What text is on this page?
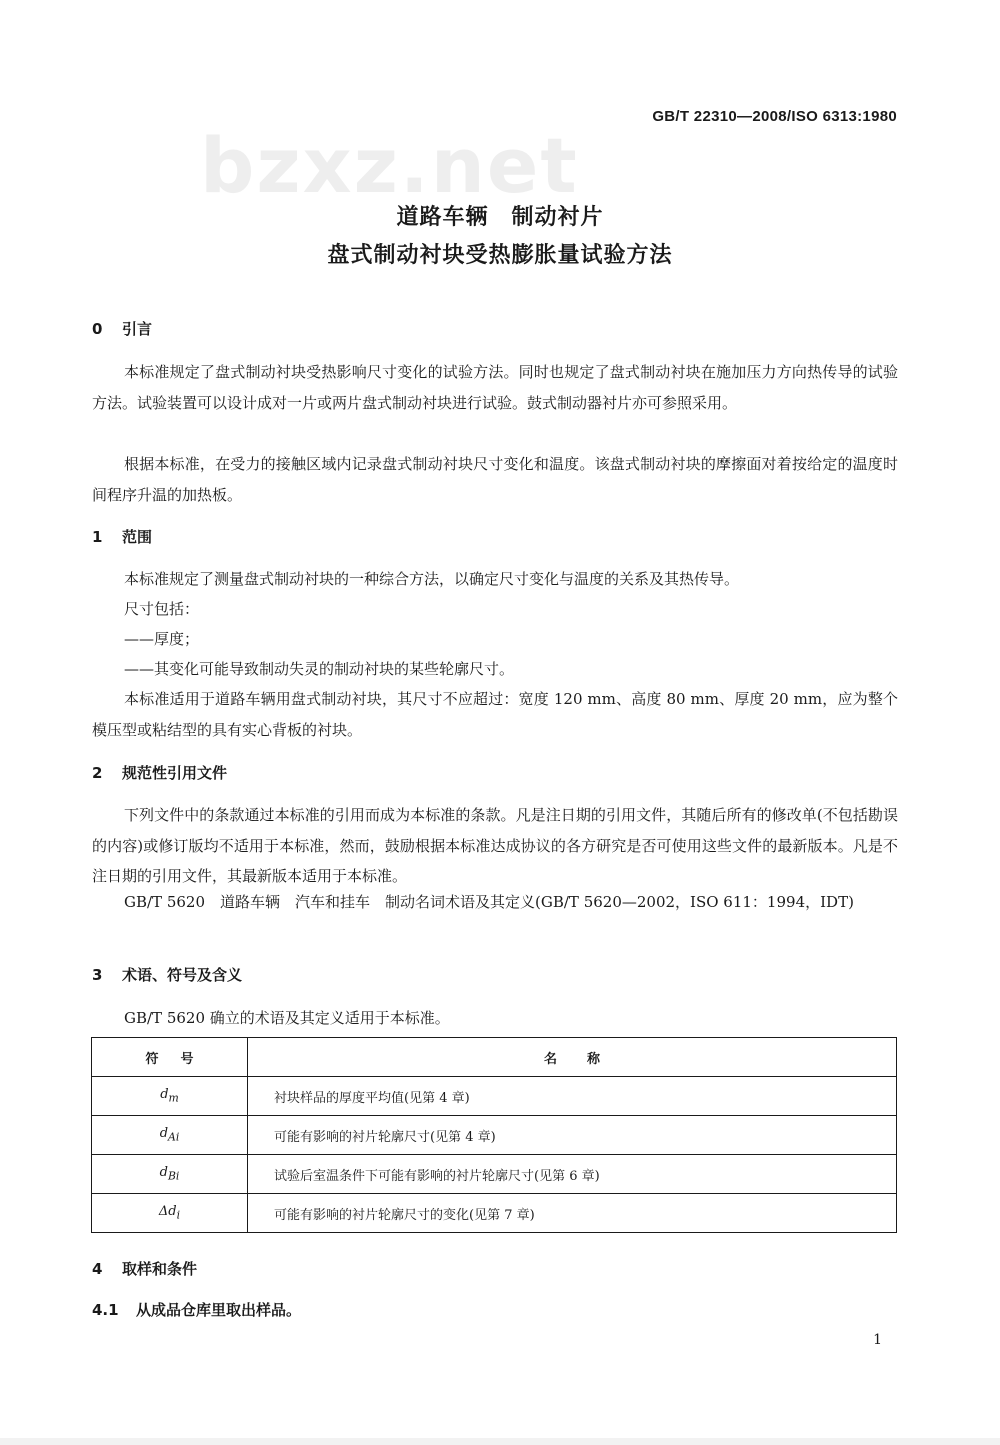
bzxz.net
GB/T 22310—2008/ISO 6313:1980
道路车辆　制动衬片
盘式制动衬块受热膨胀量试验方法
0 引言
本标准规定了盘式制动衬块受热影响尺寸变化的试验方法。同时也规定了盘式制动衬块在施加压力方向热传导的试验方法。试验装置可以设计成对一片或两片盘式制动衬块进行试验。鼓式制动器衬片亦可参照采用。
根据本标准，在受力的接触区域内记录盘式制动衬块尺寸变化和温度。该盘式制动衬块的摩擦面对着按给定的温度时间程序升温的加热板。
1 范围
本标准规定了测量盘式制动衬块的一种综合方法，以确定尺寸变化与温度的关系及其热传导。
尺寸包括：
——厚度；
——其变化可能导致制动失灵的制动衬块的某些轮廓尺寸。
本标准适用于道路车辆用盘式制动衬块，其尺寸不应超过：宽度 120 mm、高度 80 mm、厚度 20 mm，应为整个模压型或粘结型的具有实心背板的衬块。
2 规范性引用文件
下列文件中的条款通过本标准的引用而成为本标准的条款。凡是注日期的引用文件，其随后所有的修改单(不包括勘误的内容)或修订版均不适用于本标准，然而，鼓励根据本标准达成协议的各方研究是否可使用这些文件的最新版本。凡是不注日期的引用文件，其最新版本适用于本标准。
GB/T 5620　道路车辆　汽车和挂车　制动名词术语及其定义(GB/T 5620—2002，ISO 611：1994，IDT)
3 术语、符号及含义
GB/T 5620 确立的术语及其定义适用于本标准。
符号	名称
$d_m$	衬块样品的厚度平均值(见第 4 章)
$d_{Ai}$	可能有影响的衬片轮廓尺寸(见第 4 章)
$d_{Bi}$	试验后室温条件下可能有影响的衬片轮廓尺寸(见第 6 章)
$\Delta d_i$	可能有影响的衬片轮廓尺寸的变化(见第 7 章)
4 取样和条件
4.1 从成品仓库里取出样品。
1
